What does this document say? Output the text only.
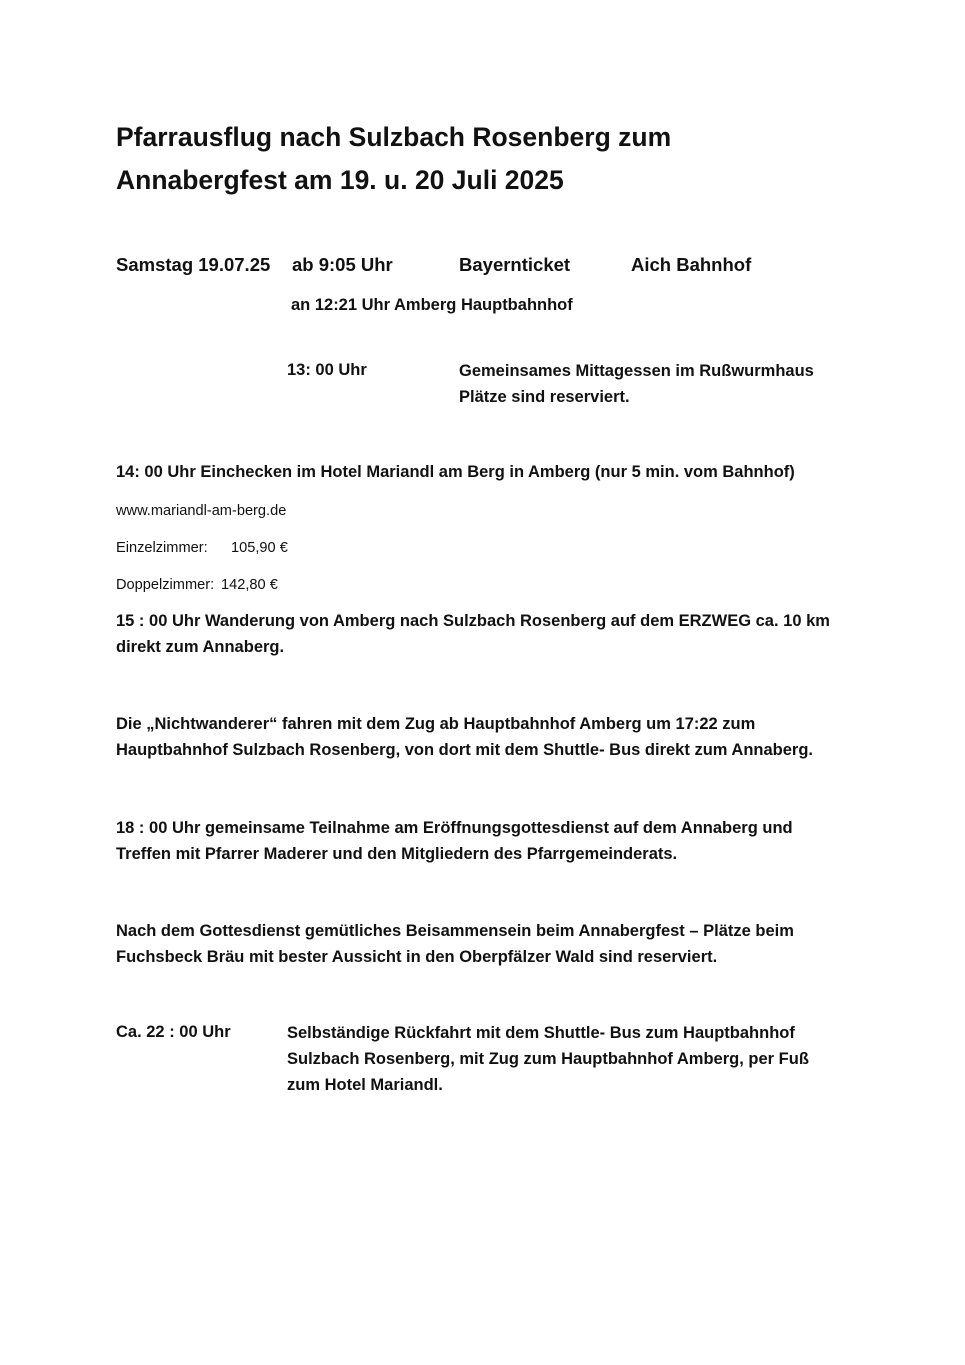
Pfarrausflug nach Sulzbach Rosenberg zum
Annabergfest am 19. u. 20 Juli 2025
Samstag 19.07.25 ab 9:05 Uhr	Bayernticket	Aich Bahnhof
an 12:21 Uhr Amberg Hauptbahnhof
13: 00 Uhr	Gemeinsames Mittagessen im Rußwurmhaus
Plätze sind reserviert.
14: 00 Uhr Einchecken im Hotel Mariandl am Berg in Amberg (nur 5 min. vom Bahnhof)
www.mariandl-am-berg.de
Einzelzimmer: 105,90 €
Doppelzimmer: 142,80 €
15 : 00 Uhr Wanderung von Amberg nach Sulzbach Rosenberg auf dem ERZWEG ca. 10 km
direkt zum Annaberg.
Die „Nichtwanderer“ fahren mit dem Zug ab Hauptbahnhof Amberg um 17:22 zum
Hauptbahnhof Sulzbach Rosenberg, von dort mit dem Shuttle- Bus direkt zum Annaberg.
18 : 00 Uhr gemeinsame Teilnahme am Eröffnungsgottesdienst auf dem Annaberg und
Treffen mit Pfarrer Maderer und den Mitgliedern des Pfarrgemeinderats.
Nach dem Gottesdienst gemütliches Beisammensein beim Annabergfest – Plätze beim
Fuchsbeck Bräu mit bester Aussicht in den Oberpfälzer Wald sind reserviert.
Ca. 22 : 00 Uhr	Selbständige Rückfahrt mit dem Shuttle- Bus zum Hauptbahnhof
Sulzbach Rosenberg, mit Zug zum Hauptbahnhof Amberg, per Fuß
zum Hotel Mariandl.
